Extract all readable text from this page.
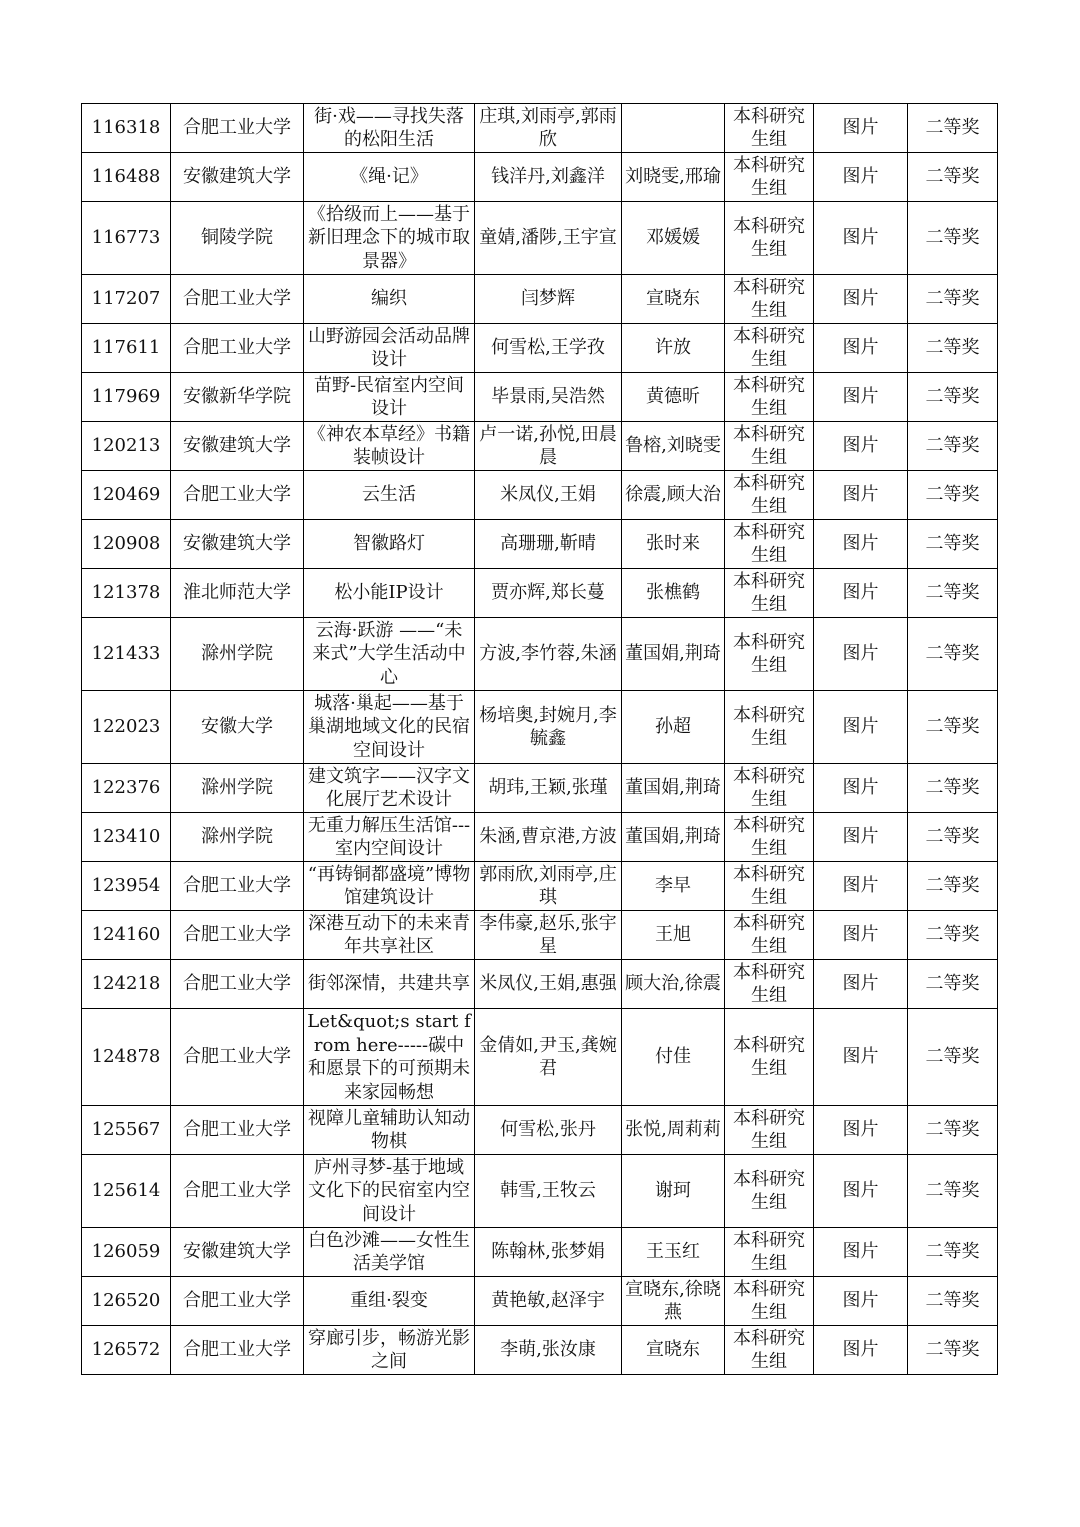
116318	合肥工业大学	街·戏——寻找失落的松阳生活	庄琪,刘雨亭,郭雨欣		本科研究生组	图片	二等奖
116488	安徽建筑大学	《绳·记》	钱洋丹,刘鑫洋	刘晓雯,邢瑜	本科研究生组	图片	二等奖
116773	铜陵学院	《拾级而上——基于新旧理念下的城市取景器》	童婧,潘陟,王宇宣	邓媛媛	本科研究生组	图片	二等奖
117207	合肥工业大学	编织	闫梦辉	宣晓东	本科研究生组	图片	二等奖
117611	合肥工业大学	山野游园会活动品牌设计	何雪松,王学孜	许放	本科研究生组	图片	二等奖
117969	安徽新华学院	苗野-民宿室内空间设计	毕景雨,吴浩然	黄德昕	本科研究生组	图片	二等奖
120213	安徽建筑大学	《神农本草经》书籍装帧设计	卢一诺,孙悦,田晨晨	鲁榕,刘晓雯	本科研究生组	图片	二等奖
120469	合肥工业大学	云生活	米凤仪,王娟	徐震,顾大治	本科研究生组	图片	二等奖
120908	安徽建筑大学	智徽路灯	高珊珊,靳晴	张时来	本科研究生组	图片	二等奖
121378	淮北师范大学	松小能IP设计	贾亦辉,郑长蔓	张樵鹤	本科研究生组	图片	二等奖
121433	滁州学院	云海·跃游 ——“未来式”大学生活动中心	方波,李竹蓉,朱涵	董国娟,荆琦	本科研究生组	图片	二等奖
122023	安徽大学	城落·巢起——基于巢湖地域文化的民宿空间设计	杨培奥,封婉月,李毓鑫	孙超	本科研究生组	图片	二等奖
122376	滁州学院	建文筑字——汉字文化展厅艺术设计	胡玮,王颖,张瑾	董国娟,荆琦	本科研究生组	图片	二等奖
123410	滁州学院	无重力解压生活馆---室内空间设计	朱涵,曹京港,方波	董国娟,荆琦	本科研究生组	图片	二等奖
123954	合肥工业大学	“再铸铜都盛境”博物馆建筑设计	郭雨欣,刘雨亭,庄琪	李早	本科研究生组	图片	二等奖
124160	合肥工业大学	深港互动下的未来青年共享社区	李伟豪,赵乐,张宇星	王旭	本科研究生组	图片	二等奖
124218	合肥工业大学	街邻深情，共建共享	米凤仪,王娟,惠强	顾大治,徐震	本科研究生组	图片	二等奖
124878	合肥工业大学	Let&quot;s start from here-----碳中和愿景下的可预期未来家园畅想	金倩如,尹玉,龚婉君	付佳	本科研究生组	图片	二等奖
125567	合肥工业大学	视障儿童辅助认知动物棋	何雪松,张丹	张悦,周莉莉	本科研究生组	图片	二等奖
125614	合肥工业大学	庐州寻梦-基于地域文化下的民宿室内空间设计	韩雪,王牧云	谢珂	本科研究生组	图片	二等奖
126059	安徽建筑大学	白色沙滩——女性生活美学馆	陈翰林,张梦娟	王玉红	本科研究生组	图片	二等奖
126520	合肥工业大学	重组·裂变	黄艳敏,赵泽宇	宣晓东,徐晓燕	本科研究生组	图片	二等奖
126572	合肥工业大学	穿廊引步，畅游光影之间	李萌,张汝康	宣晓东	本科研究生组	图片	二等奖
